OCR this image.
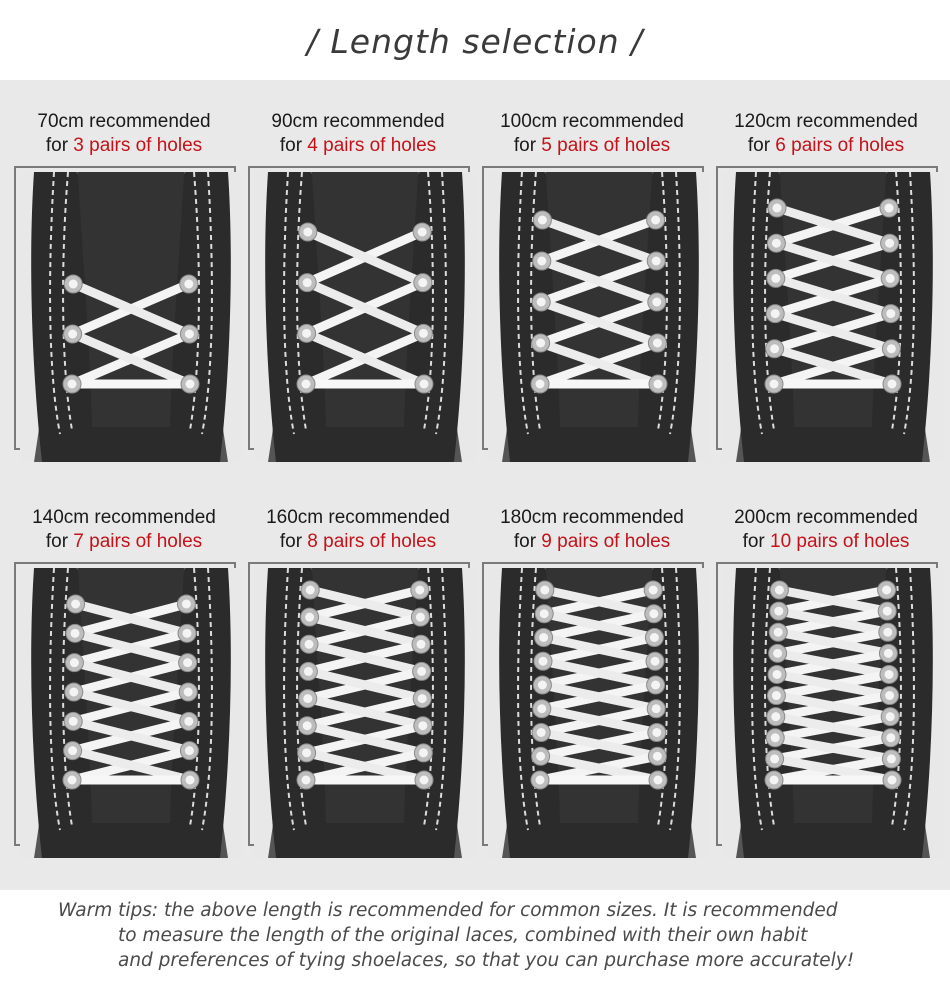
/ Length selection /
70cm recommended
for 3 pairs of holes
90cm recommended
for 4 pairs of holes
100cm recommended
for 5 pairs of holes
120cm recommended
for 6 pairs of holes
140cm recommended
for 7 pairs of holes
160cm recommended
for 8 pairs of holes
180cm recommended
for 9 pairs of holes
200cm recommended
for 10 pairs of holes
Warm tips: the above length is recommended for common sizes. It is recommended
to measure the length of the original laces, combined with their own habit
and preferences of tying shoelaces, so that you can purchase more accurately!
